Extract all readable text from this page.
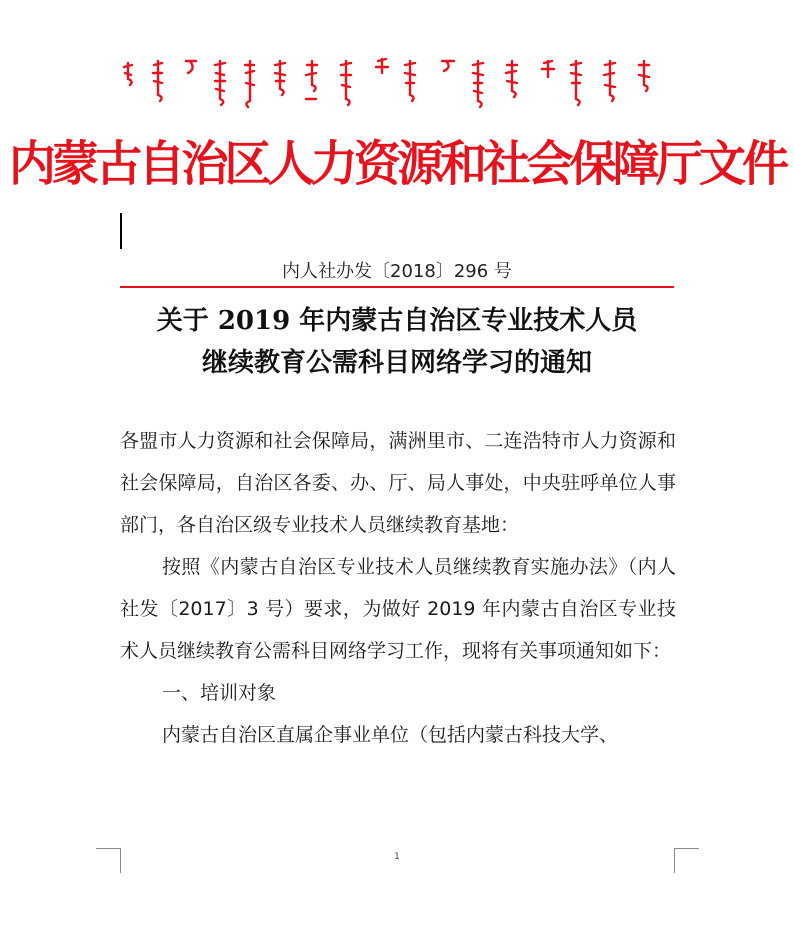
内蒙古自治区人力资源和社会保障厅文件
内人社办发〔2018〕296 号
关于 2019 年内蒙古自治区专业技术人员
继续教育公需科目网络学习的通知

各盟市人力资源和社会保障局，满洲里市、二连浩特市人力资源和社会保障局，自治区各委、办、厅、局人事处，中央驻呼单位人事部门，各自治区级专业技术人员继续教育基地：

按照《内蒙古自治区专业技术人员继续教育实施办法》（内人社发〔2017〕3 号）要求，为做好 2019 年内蒙古自治区专业技术人员继续教育公需科目网络学习工作，现将有关事项通知如下：

一、培训对象

内蒙古自治区直属企事业单位（包括内蒙古科技大学、

1
